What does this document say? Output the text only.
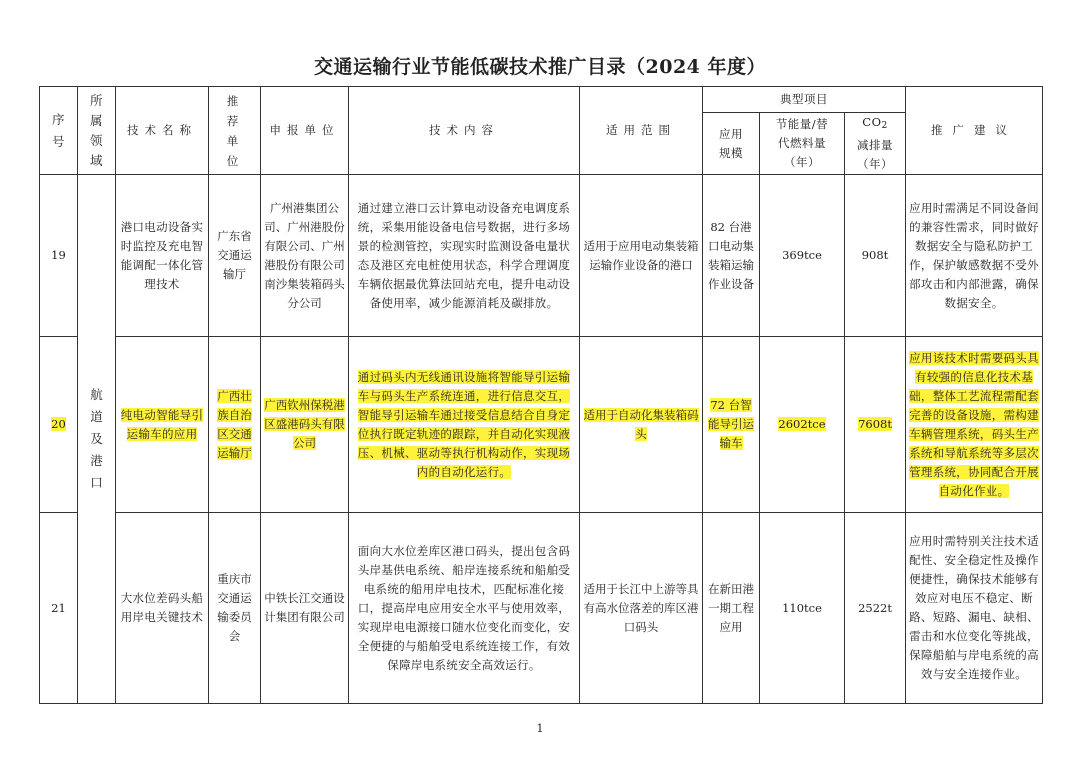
交通运输行业节能低碳技术推广目录（2024 年度）
序号	所属领域	技术名称	推荐单位	申报单位	技术内容	适用范围	典型项目			推广建议
							应用规模	节能量/替代燃料量（年）	$CO_2$
减排量（年）	
19	航道及港口	港口电动设备实时监控及充电智能调配一体化管理技术	广东省交通运输厅	广州港集团公司、广州港股份有限公司、广州港股份有限公司南沙集装箱码头分公司	通过建立港口云计算电动设备充电调度系统，采集用能设备电信号数据，进行多场景的检测管控，实现实时监测设备电量状态及港区充电桩使用状态，科学合理调度车辆依据最优算法回站充电，提升电动设备使用率，减少能源消耗及碳排放。	适用于应用电动集装箱运输作业设备的港口	82 台港口电动集装箱运输作业设备	369tce	908t	应用时需满足不同设备间的兼容性需求，同时做好数据安全与隐私防护工作，保护敏感数据不受外部攻击和内部泄露，确保数据安全。
20		纯电动智能导引运输车的应用	广西壮族自治区交通运输厅	广西钦州保税港区盛港码头有限公司	通过码头内无线通讯设施将智能导引运输车与码头生产系统连通，进行信息交互，智能导引运输车通过接受信息结合自身定位执行既定轨迹的跟踪，并自动化实现液压、机械、驱动等执行机构动作，实现场内的自动化运行。	适用于自动化集装箱码头	72 台智能导引运输车	2602tce	7608t	应用该技术时需要码头具有较强的信息化技术基础，整体工艺流程需配套完善的设备设施，需构建车辆管理系统，码头生产系统和导航系统等多层次管理系统，协同配合开展自动化作业。
21		大水位差码头船用岸电关键技术	重庆市交通运输委员会	中铁长江交通设计集团有限公司	面向大水位差库区港口码头，提出包含码头岸基供电系统、船岸连接系统和船舶受电系统的船用岸电技术，匹配标准化接口，提高岸电应用安全水平与使用效率，实现岸电电源接口随水位变化而变化，安全便捷的与船舶受电系统连接工作，有效保障岸电系统安全高效运行。	适用于长江中上游等具有高水位落差的库区港口码头	在新田港一期工程应用	110tce	2522t	应用时需特别关注技术适配性、安全稳定性及操作便捷性，确保技术能够有效应对电压不稳定、断路、短路、漏电、缺相、雷击和水位变化等挑战，保障船舶与岸电系统的高效与安全连接作业。
1
